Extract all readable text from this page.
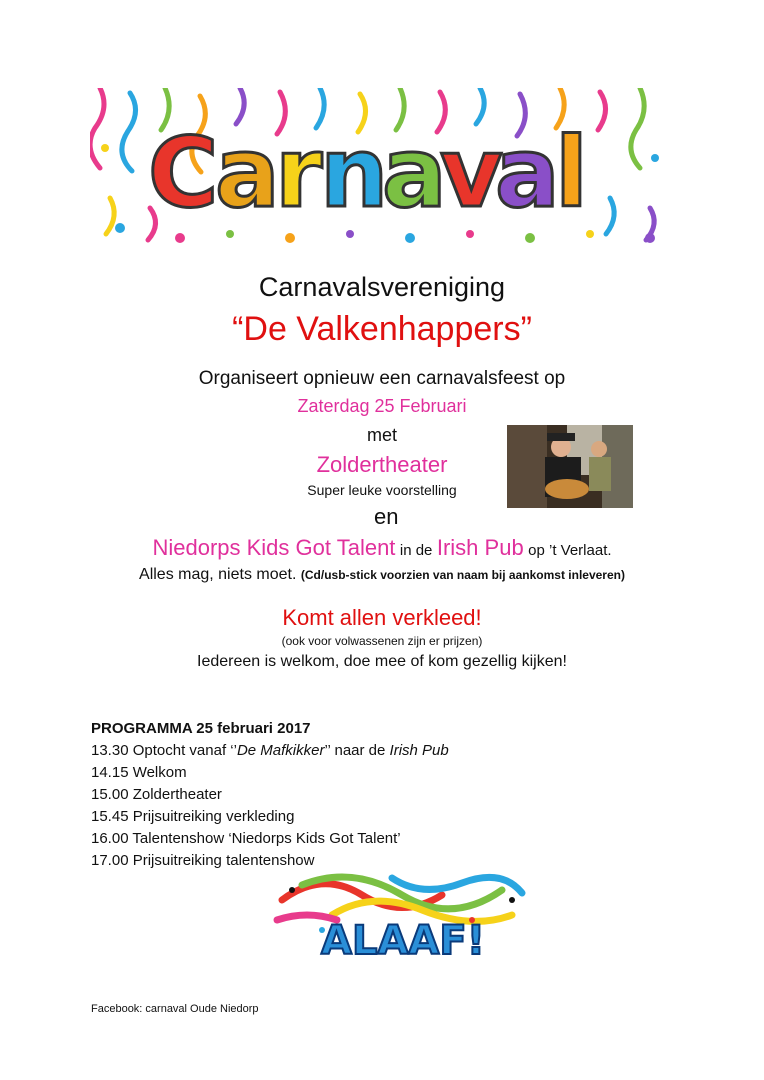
C
a
r
n
a
v
a
l
Carnavalsvereniging
“De Valkenhappers”
Organiseert opnieuw een carnavalsfeest op
Zaterdag 25 Februari
met
Zoldertheater
Super leuke voorstelling
en
Niedorps Kids Got Talent in de Irish Pub op ’t Verlaat.
Alles mag, niets moet. (Cd/usb-stick voorzien van naam bij aankomst inleveren)
Komt allen verkleed!
(ook voor volwassenen zijn er prijzen)
Iedereen is welkom, doe mee of kom gezellig kijken!
PROGRAMMA 25 februari 2017
13.30 Optocht vanaf ‘’De Mafkikker’’ naar de Irish Pub
14.15 Welkom
15.00 Zoldertheater
15.45 Prijsuitreiking verkleding
16.00 Talentenshow ‘Niedorps Kids Got Talent’
17.00 Prijsuitreiking talentenshow
ALAAF!
Facebook: carnaval Oude Niedorp
